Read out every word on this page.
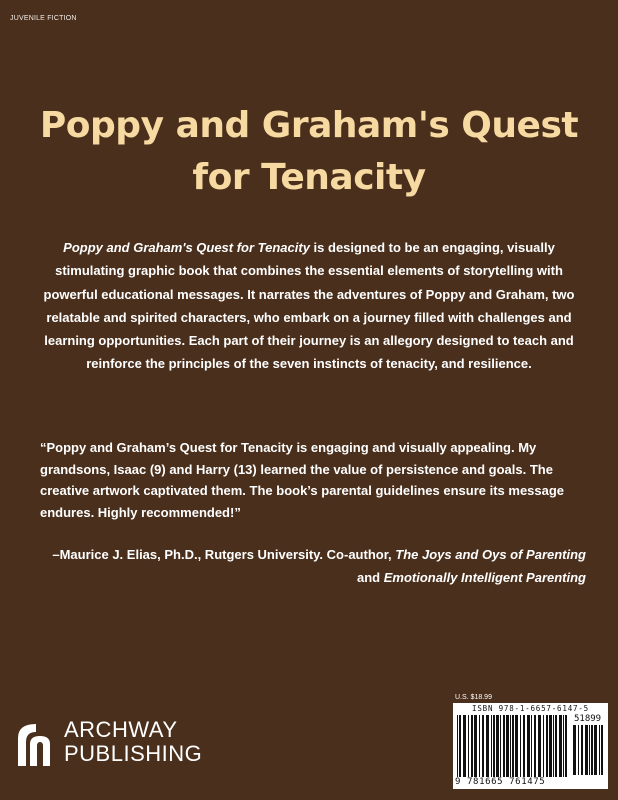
JUVENILE FICTION
Poppy and Graham's Quest
for Tenacity
Poppy and Graham's Quest for Tenacity is designed to be an engaging, visually stimulating graphic book that combines the essential elements of storytelling with powerful educational messages. It narrates the adventures of Poppy and Graham, two relatable and spirited characters, who embark on a journey filled with challenges and learning opportunities. Each part of their journey is an allegory designed to teach and reinforce the principles of the seven instincts of tenacity, and resilience.
“Poppy and Graham’s Quest for Tenacity is engaging and visually appealing. My grandsons, Isaac (9) and Harry (13) learned the value of persistence and goals. The creative artwork captivated them. The book’s parental guidelines ensure its message endures. Highly recommended!”
–Maurice J. Elias, Ph.D., Rutgers University. Co-author, The Joys and Oys of Parenting and Emotionally Intelligent Parenting
ARCHWAY
PUBLISHING
U.S. $18.99
ISBN 978-1-6657-6147-5
51899
9 781665 761475
